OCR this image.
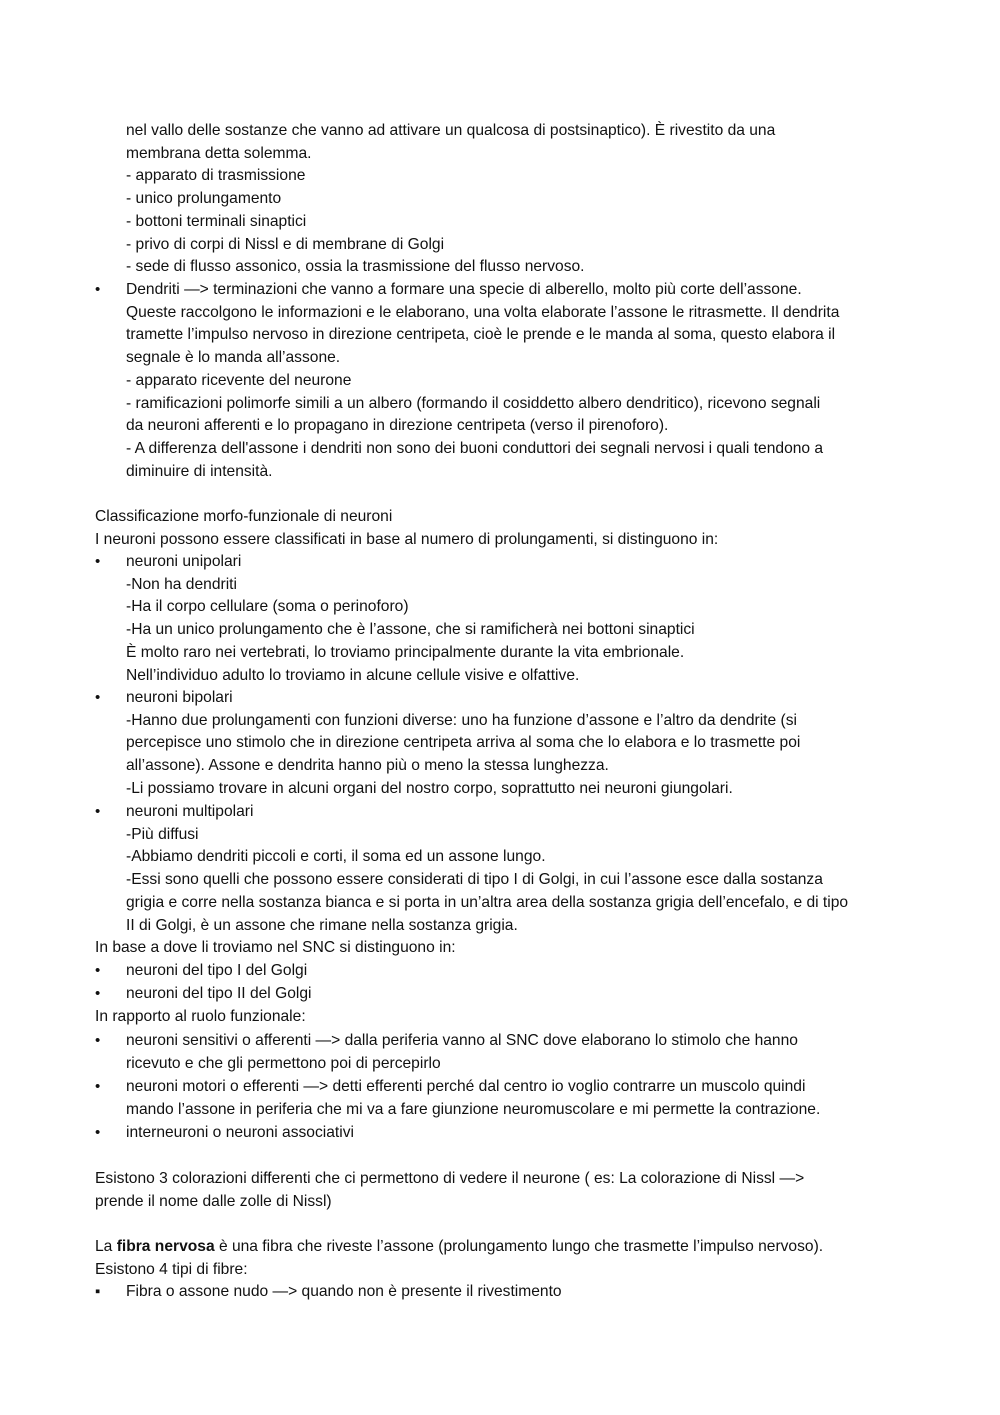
nel vallo delle sostanze che vanno ad attivare un qualcosa di postsinaptico). È rivestito da una
membrana detta solemma.
- apparato di trasmissione
- unico prolungamento
- bottoni terminali sinaptici
- privo di corpi di Nissl e di membrane di Golgi
- sede di flusso assonico, ossia la trasmissione del flusso nervoso.
•	Dendriti —> terminazioni che vanno a formare una specie di alberello, molto più corte dell’assone.
Queste raccolgono le informazioni e le elaborano, una volta elaborate l’assone le ritrasmette. Il dendrita
tramette l’impulso nervoso in direzione centripeta, cioè le prende e le manda al soma, questo elabora il
segnale è lo manda all’assone.
- apparato ricevente del neurone
- ramificazioni polimorfe simili a un albero (formando il cosiddetto albero dendritico), ricevono segnali
da neuroni afferenti e lo propagano in direzione centripeta (verso il pirenoforo).
- A differenza dell'assone i dendriti non sono dei buoni conduttori dei segnali nervosi i quali tendono a
diminuire di intensità.
Classificazione morfo-funzionale di neuroni
I neuroni possono essere classificati in base al numero di prolungamenti, si distinguono in:
•	neuroni unipolari
-Non ha dendriti
-Ha il corpo cellulare (soma o perinoforo)
-Ha un unico prolungamento che è l’assone, che si ramificherà nei bottoni sinaptici
È molto raro nei vertebrati, lo troviamo principalmente durante la vita embrionale.
Nell’individuo adulto lo troviamo in alcune cellule visive e olfattive.
•	neuroni bipolari
-Hanno due prolungamenti con funzioni diverse: uno ha funzione d’assone e l’altro da dendrite (si
percepisce uno stimolo che in direzione centripeta arriva al soma che lo elabora e lo trasmette poi
all’assone). Assone e dendrita hanno più o meno la stessa lunghezza.
-Li possiamo trovare in alcuni organi del nostro corpo, soprattutto nei neuroni giungolari.
•	neuroni multipolari
-Più diffusi
-Abbiamo dendriti piccoli e corti, il soma ed un assone lungo.
-Essi sono quelli che possono essere considerati di tipo I di Golgi, in cui l’assone esce dalla sostanza
grigia e corre nella sostanza bianca e si porta in un’altra area della sostanza grigia dell’encefalo, e di tipo
II di Golgi, è un assone che rimane nella sostanza grigia.
In base a dove li troviamo nel SNC si distinguono in:
•	neuroni del tipo I del Golgi
•	neuroni del tipo II del Golgi
In rapporto al ruolo funzionale:
•	neuroni sensitivi o afferenti —> dalla periferia vanno al SNC dove elaborano lo stimolo che hanno
ricevuto e che gli permettono poi di percepirlo
•	neuroni motori o efferenti —> detti efferenti perché dal centro io voglio contrarre un muscolo quindi
mando l’assone in periferia che mi va a fare giunzione neuromuscolare e mi permette la contrazione.
•	interneuroni o neuroni associativi
Esistono 3 colorazioni differenti che ci permettono di vedere il neurone ( es: La colorazione di Nissl —>
prende il nome dalle zolle di Nissl)
La fibra nervosa è una fibra che riveste l’assone (prolungamento lungo che trasmette l’impulso nervoso).
Esistono 4 tipi di fibre:
▪	Fibra o assone nudo —> quando non è presente il rivestimento
